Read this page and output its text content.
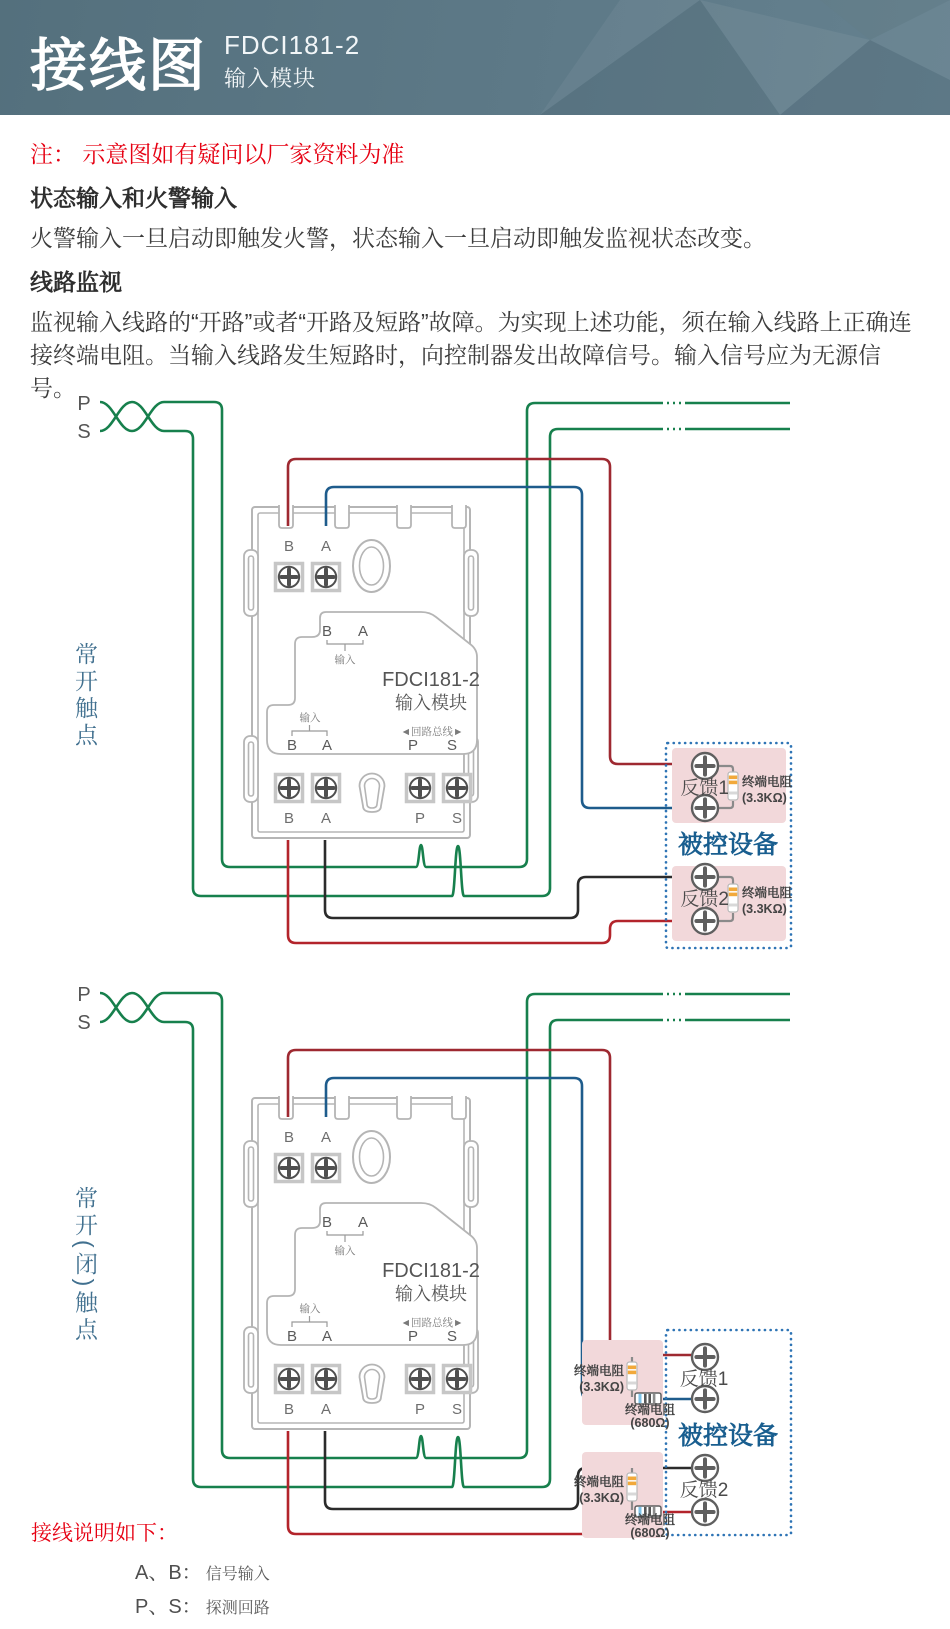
接线图 FDCI181-2
输入模块

注： 示意图如有疑问以厂家资料为准

状态输入和火警输入

火警输入一旦启动即触发火警，状态输入一旦启动即触发监视状态改变。

线路监视

监视输入线路的“开路”或者“开路及短路”故障。为实现上述功能，须在输入线路上正确连接终端电阻。当输入线路发生短路时，向控制器发出故障信号。输入信号应为无源信号。

常开触点
常开(闭)触点
被控设备
反馈1 终端电阻
(3.3KΩ)
反馈2 终端电阻
(3.3KΩ)
被控设备
反馈1
终端电阻
(3.3KΩ)
终端电阻
(680Ω)
反馈2
终端电阻
(3.3KΩ)
终端电阻
(680Ω)
接线说明如下：
A、B： 信号输入
P、S： 探测回路
